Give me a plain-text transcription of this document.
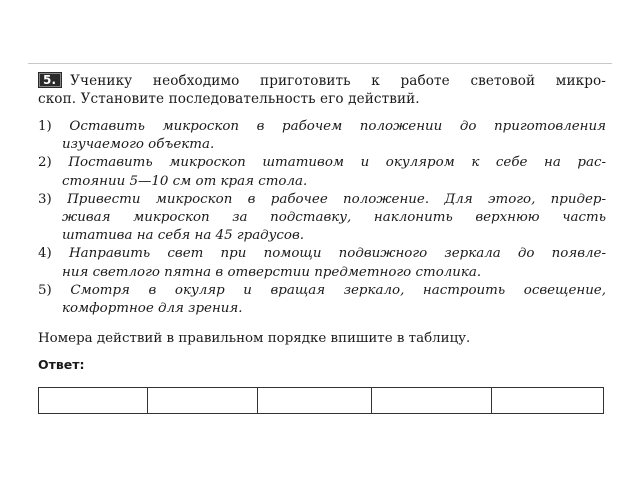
5. Ученику необходимо приготовить к работе световой микро-
скоп. Установите последовательность его действий.
1) Оставить микроскоп в рабочем положении до приготовления
изучаемого объекта.
2) Поставить микроскоп штативом и окуляром к себе на рас-
стоянии 5—10 см от края стола.
3) Привести микроскоп в рабочее положение. Для этого, придер-
живая микроскоп за подставку, наклонить верхнюю часть
штатива на себя на 45 градусов.
4) Направить свет при помощи подвижного зеркала до появле-
ния светлого пятна в отверстии предметного столика.
5) Смотря в окуляр и вращая зеркало, настроить освещение,
комфортное для зрения.
Номера действий в правильном порядке впишите в таблицу.
Ответ:
